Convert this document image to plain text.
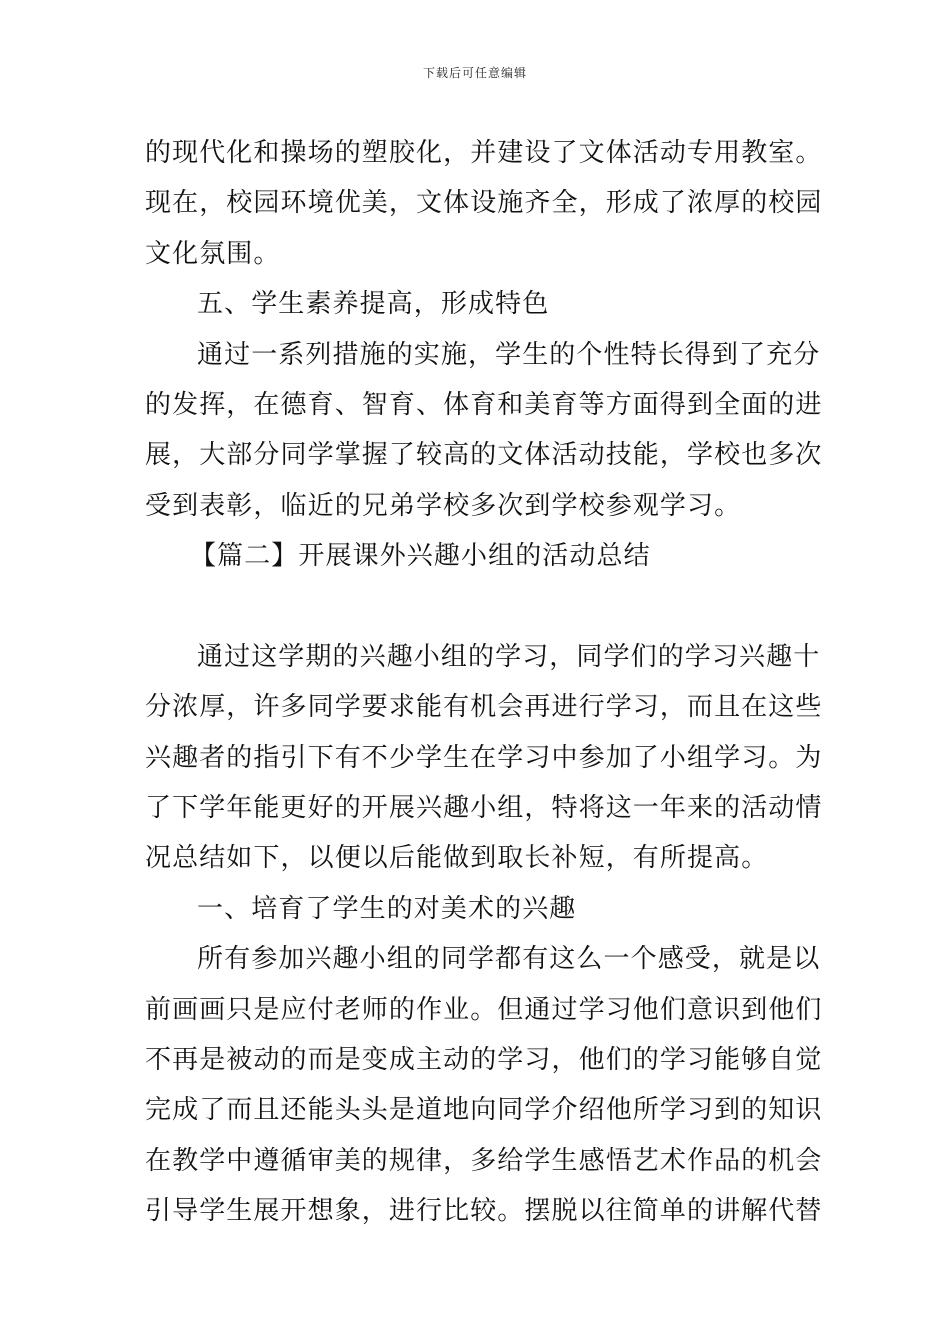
下载后可任意编辑
的现代化和操场的塑胶化，并建设了文体活动专用教室。
现在，校园环境优美，文体设施齐全，形成了浓厚的校园
文化氛围。
五、学生素养提高，形成特色
通过一系列措施的实施，学生的个性特长得到了充分
的发挥，在德育、智育、体育和美育等方面得到全面的进
展，大部分同学掌握了较高的文体活动技能，学校也多次
受到表彰，临近的兄弟学校多次到学校参观学习。
【篇二】开展课外兴趣小组的活动总结
通过这学期的兴趣小组的学习，同学们的学习兴趣十
分浓厚，许多同学要求能有机会再进行学习，而且在这些
兴趣者的指引下有不少学生在学习中参加了小组学习。为
了下学年能更好的开展兴趣小组，特将这一年来的活动情
况总结如下，以便以后能做到取长补短，有所提高。
一、培育了学生的对美术的兴趣
所有参加兴趣小组的同学都有这么一个感受，就是以
前画画只是应付老师的作业。但通过学习他们意识到他们
不再是被动的而是变成主动的学习，他们的学习能够自觉
完成了而且还能头头是道地向同学介绍他所学习到的知识
在教学中遵循审美的规律，多给学生感悟艺术作品的机会
引导学生展开想象，进行比较。摆脱以往简单的讲解代替
